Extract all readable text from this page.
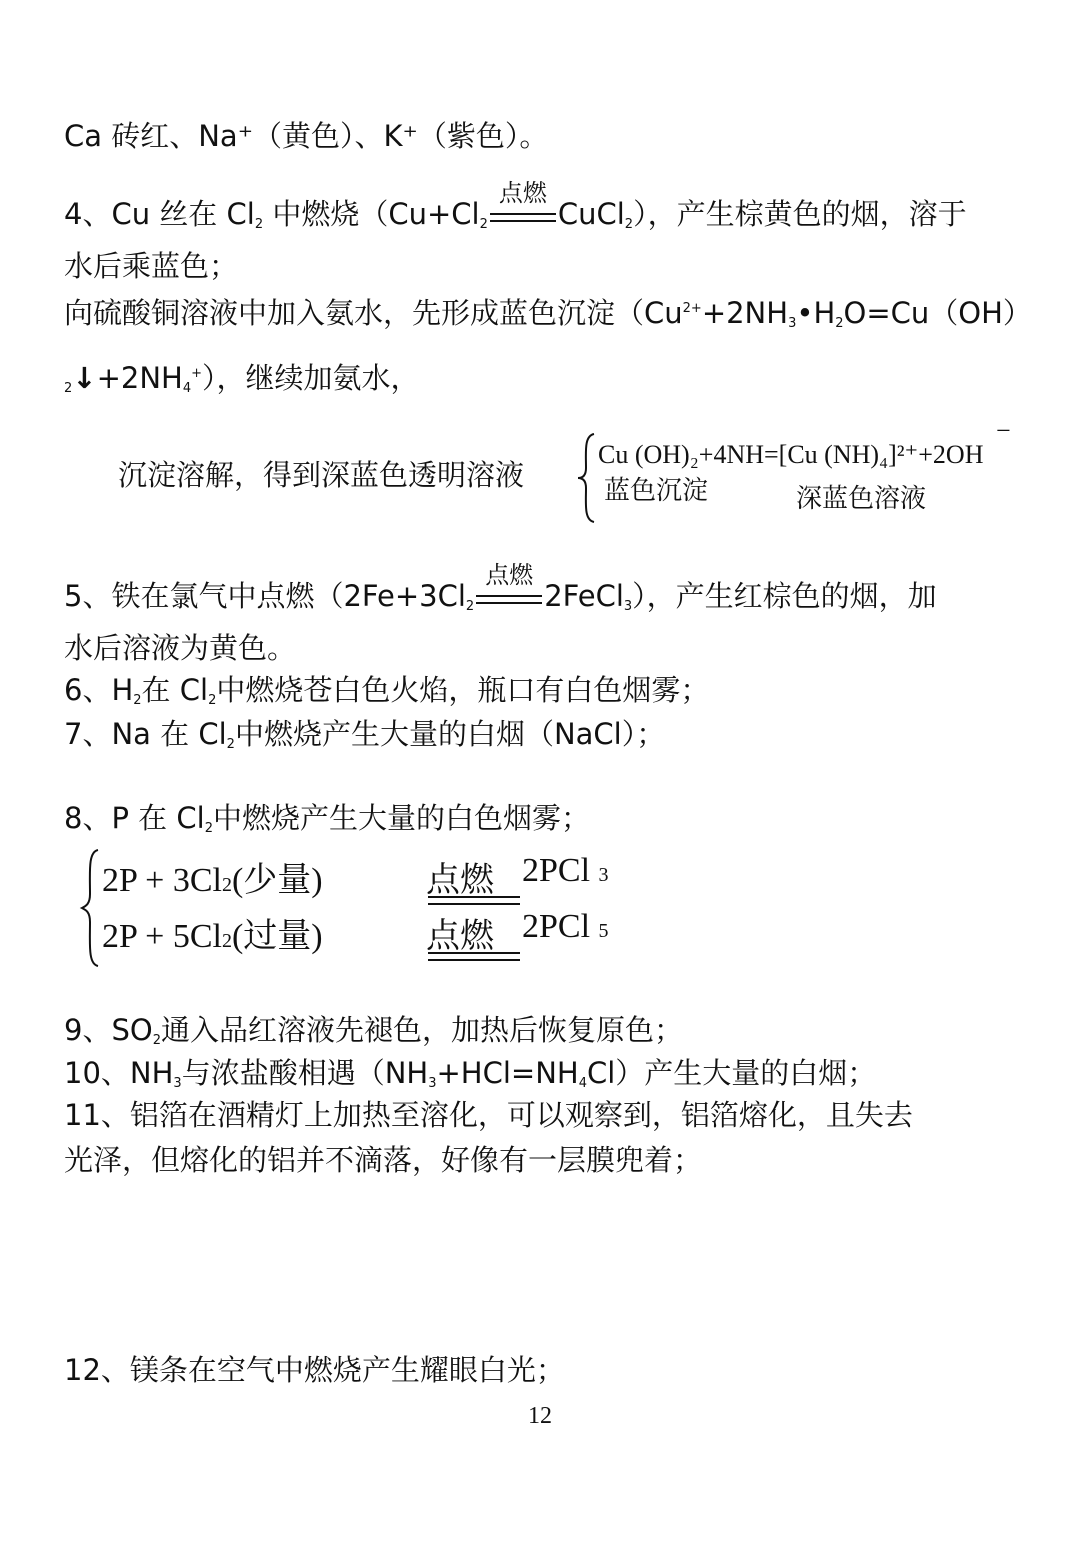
Ca 砖红、Na⁺（黄色）、K⁺（紫色）。
4、Cu 丝在 $Cl_2$ 中燃烧（$Cu+Cl_2$
点燃
CuCl$_2$），产生棕黄色的烟，溶于
水后乘蓝色；
向硫酸铜溶液中加入氨水，先形成蓝色沉淀（$Cu^{2+}+2NH_3•H_2O=Cu(OH)$
$_2↓+2NH_4^+$），继续加氨水，
沉淀溶解，得到深蓝色透明溶液
Cu (OH)₂+4NH=[Cu (NH)₄]²⁺+2OH
−
蓝色沉淀	深蓝色溶液
5、铁在氯气中点燃（$2Fe+3Cl_2$
点燃
2FeCl$_3$），产生红棕色的烟，加
水后溶液为黄色。
6、$H_2$在 $Cl_2$中燃烧苍白色火焰，瓶口有白色烟雾；
7、Na 在 $Cl_2$中燃烧产生大量的白烟（NaCl）；
8、P 在 $Cl_2$中燃烧产生大量的白色烟雾；
2P + 3Cl2(少量)	点燃 2PCl 3
2P + 5Cl2(过量)	点燃 2PCl 5
9、$SO_2$通入品红溶液先褪色，加热后恢复原色；
10、$NH_3$与浓盐酸相遇$(NH_3+HCl=NH_4Cl)$产生大量的白烟；
11、铝箔在酒精灯上加热至溶化，可以观察到，铝箔熔化，且失去
光泽，但熔化的铝并不滴落，好像有一层膜兜着；
12、镁条在空气中燃烧产生耀眼白光；
12
